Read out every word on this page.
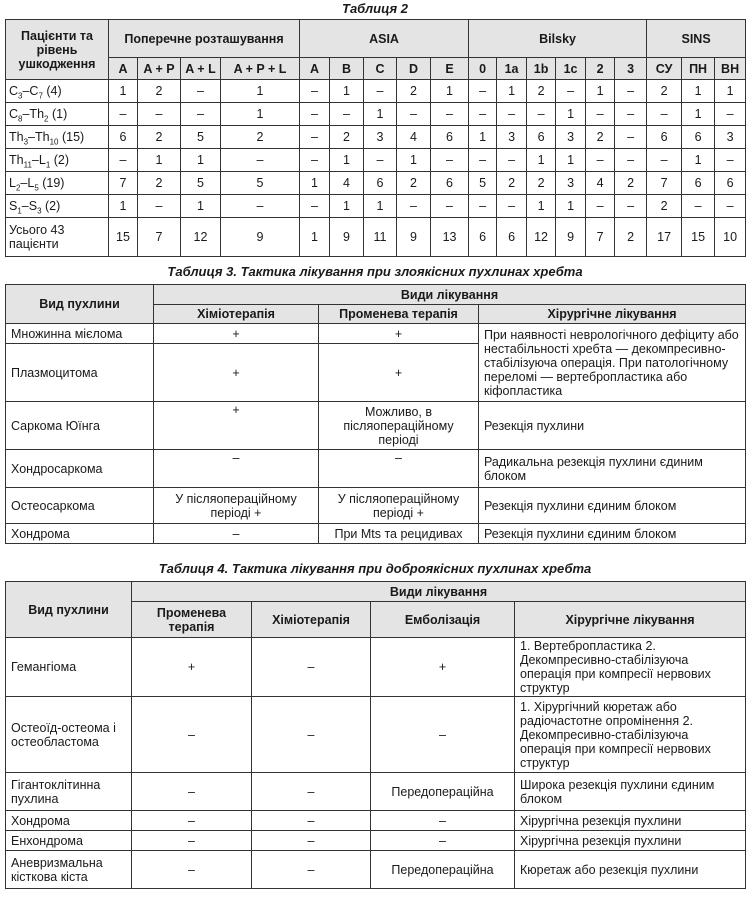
Таблиця 2
Пацієнти та рівень ушкодження	Поперечне розташування				ASIA					Bilsky						SINS		
	A	A + P	A + L	A + P + L	A	B	C	D	E	0	1a	1b	1c	2	3	СУ	ПН	ВН
$C_3-C_7$ (4)	1	2	–	1	–	1	–	2	1	–	1	2	–	1	–	2	1	1
$C_8-Th_2$ (1)	–	–	–	1	–	–	1	–	–	–	–	–	1	–	–	–	1	–
$Th_3-Th_{10}$ (15)	6	2	5	2	–	2	3	4	6	1	3	6	3	2	–	6	6	3
$Th_{11}-L_1$ (2)	–	1	1	–	–	1	–	1	–	–	–	1	1	–	–	–	1	–
$L_2-L_5$ (19)	7	2	5	5	1	4	6	2	6	5	2	2	3	4	2	7	6	6
$S_1-S_3$ (2)	1	–	1	–	–	1	1	–	–	–	–	1	1	–	–	2	–	–
Усього 43 пацієнти	15	7	12	9	1	9	11	9	13	6	6	12	9	7	2	17	15	10
Таблиця 3. Тактика лікування при злоякісних пухлинах хребта
Вид пухлини	Види лікування		
	Хіміотерапія	Променева терапія	Хірургічне лікування
Множинна мієлома	+	+	При наявності неврологічного дефіциту або нестабільності хребта — декомпресивно-стабілізуюча операція. При патологічному переломі — вертебропластика або кіфопластика
Плазмоцитома	+	+	
Саркома Юїнга	+	Можливо, в післяопераційному періоді	Резекція пухлини
Хондросаркома	–	–	Радикальна резекція пухлини єдиним блоком
Остеосаркома	У післяопераційному періоді +	У післяопераційному періоді +	Резекція пухлини єдиним блоком
Хондрома	–	При Mts та рецидивах	Резекція пухлини єдиним блоком
Таблиця 4. Тактика лікування при доброякісних пухлинах хребта
Вид пухлини	Види лікування			
	Променева терапія	Хіміотерапія	Емболізація	Хірургічне лікування
Гемангіома	+	–	+	1. Вертебропластика 2. Декомпресивно-стабілізуюча операція при компресії нервових структур
Остеоїд-остеома і остеобластома	–	–	–	1. Хірургічний кюретаж або радіочастотне опромінення 2. Декомпресивно-стабілізуюча операція при компресії нервових структур
Гігантоклітинна пухлина	–	–	Передопераційна	Широка резекція пухлини єдиним блоком
Хондрома	–	–	–	Хірургічна резекція пухлини
Енхондрома	–	–	–	Хірургічна резекція пухлини
Аневризмальна кісткова кіста	–	–	Передопераційна	Кюретаж або резекція пухлини
